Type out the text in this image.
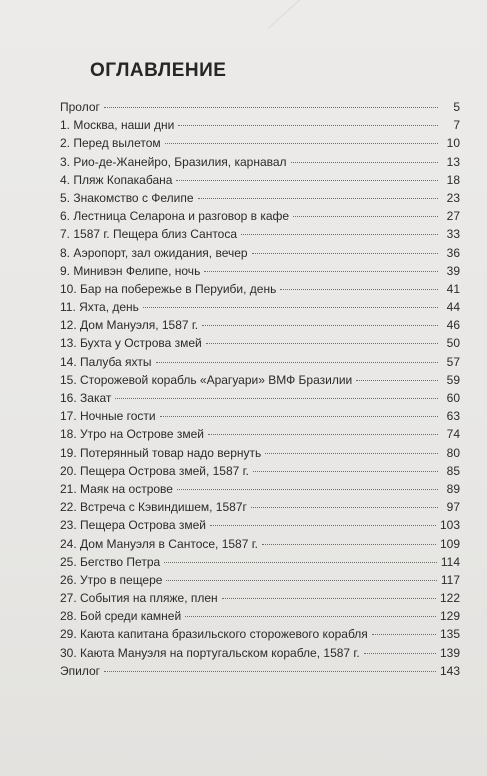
ОГЛАВЛЕНИЕ
Пролог	5
1. Москва, наши дни	7
2. Перед вылетом	10
3. Рио-де-Жанейро, Бразилия, карнавал	13
4. Пляж Копакабана	18
5. Знакомство с Фелипе	23
6. Лестница Селарона и разговор в кафе	27
7. 1587 г. Пещера близ Сантоса	33
8. Аэропорт, зал ожидания, вечер	36
9. Минивэн Фелипе, ночь	39
10. Бар на побережье в Перуиби, день	41
11. Яхта, день	44
12. Дом Мануэля, 1587 г.	46
13. Бухта у Острова змей	50
14. Палуба яхты	57
15. Сторожевой корабль «Арагуари» ВМФ Бразилии	59
16. Закат	60
17. Ночные гости	63
18. Утро на Острове змей	74
19. Потерянный товар надо вернуть	80
20. Пещера Острова змей, 1587 г.	85
21. Маяк на острове	89
22. Встреча с Кэвиндишем, 1587г	97
23. Пещера Острова змей	103
24. Дом Мануэля в Сантосе, 1587 г.	109
25. Бегство Петра	114
26. Утро в пещере	117
27. События на пляже, плен	122
28. Бой среди камней	129
29. Каюта капитана бразильского сторожевого корабля	135
30. Каюта Мануэля на португальском корабле, 1587 г.	139
Эпилог	143
